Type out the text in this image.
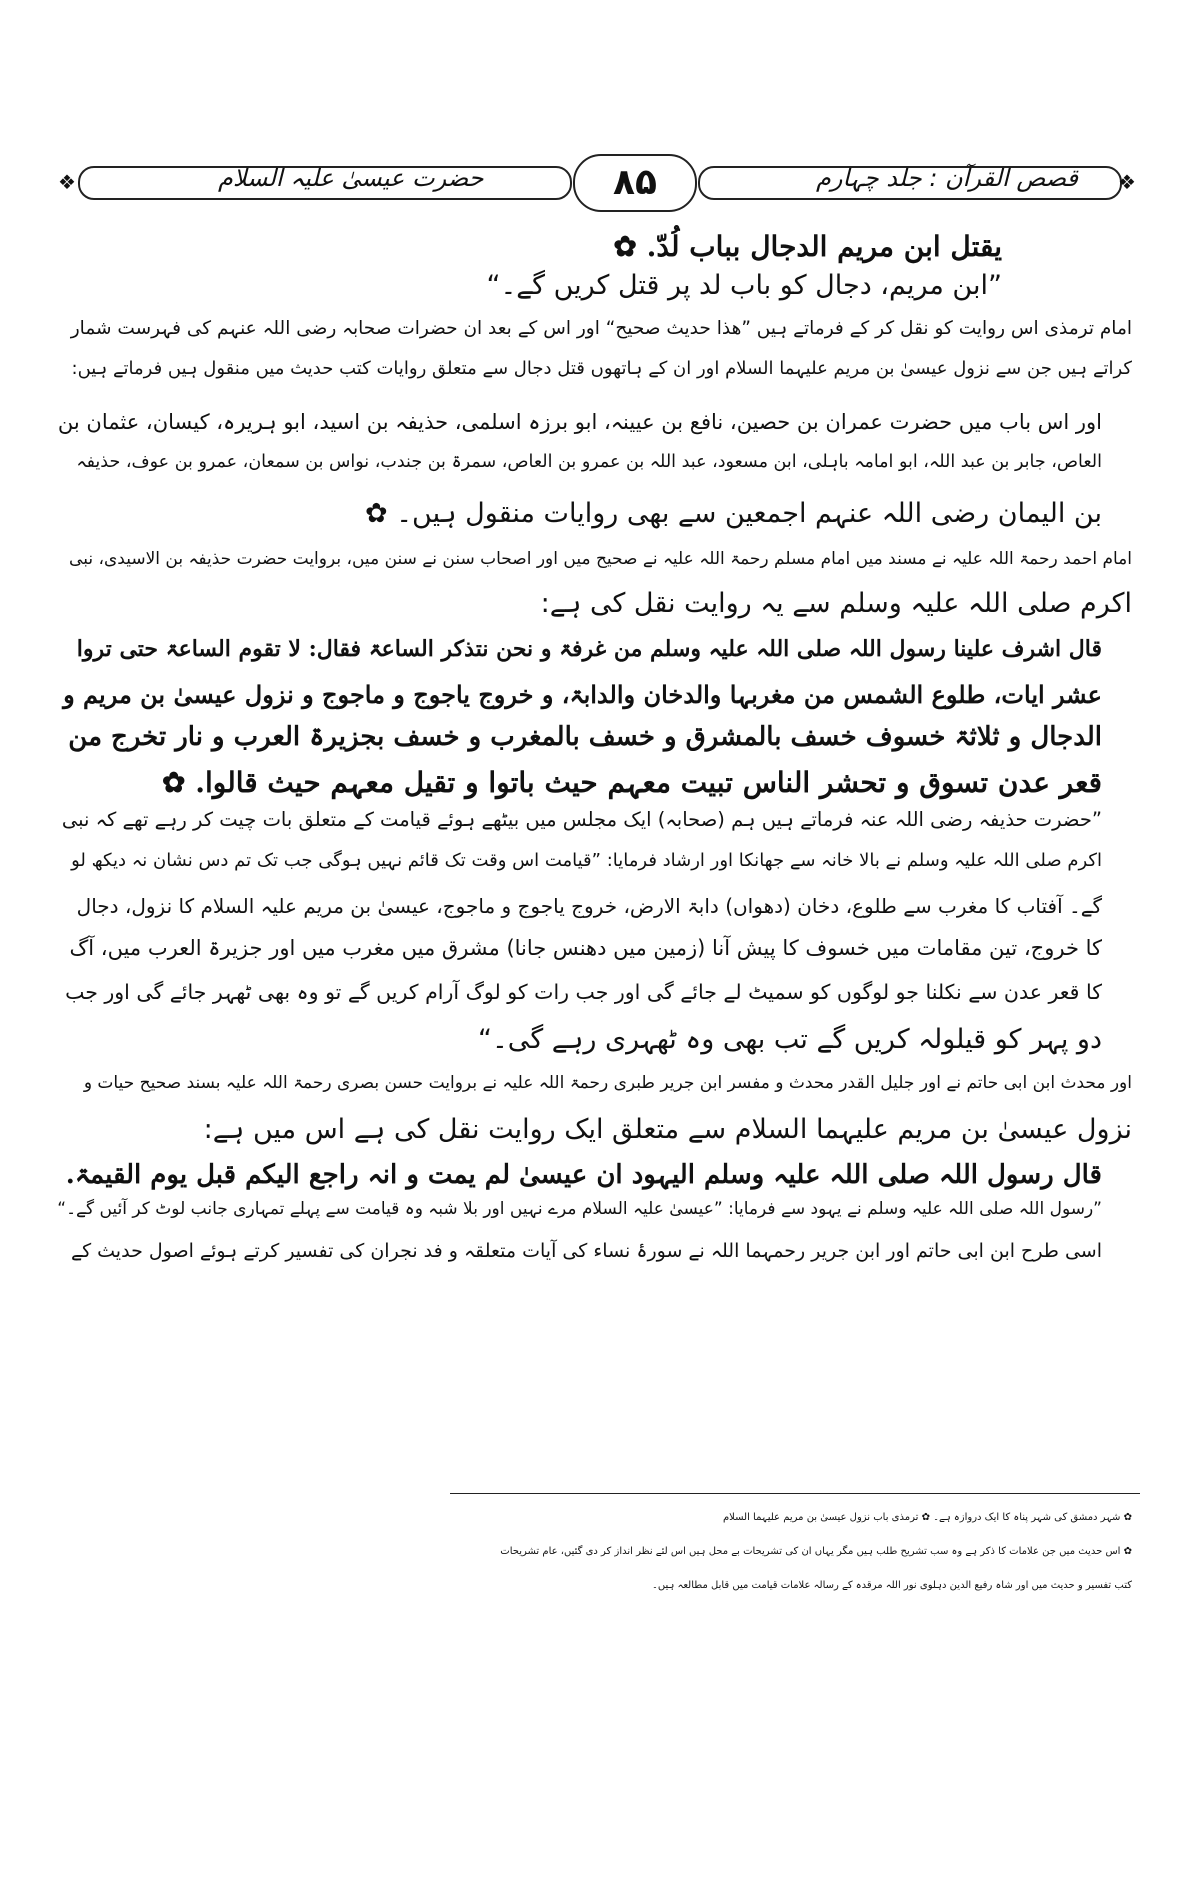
❖	حضرت عیسیٰ علیہ السلام	۸۵	قصص القرآن : جلد چہارم ❖
یقتل ابن مریم الدجال بباب لُدّ. ✿
”ابن مریم، دجال کو باب لد پر قتل کریں گے۔“
امام ترمذی اس روایت کو نقل کر کے فرماتے ہیں ”ھذا حدیث صحیح“ اور اس کے بعد ان حضرات صحابہ رضی اللہ عنہم کی فہرست شمار
کراتے ہیں جن سے نزول عیسیٰ بن مریم علیہما السلام اور ان کے ہاتھوں قتل دجال سے متعلق روایات کتب حدیث میں منقول ہیں فرماتے ہیں:
اور اس باب میں حضرت عمران بن حصین، نافع بن عیینہ، ابو برزہ اسلمی، حذیفہ بن اسید، ابو ہریرہ، کیسان، عثمان بن
العاص، جابر بن عبد اللہ، ابو امامہ باہلی، ابن مسعود، عبد اللہ بن عمرو بن العاص، سمرۃ بن جندب، نواس بن سمعان، عمرو بن عوف، حذیفہ
بن الیمان رضی اللہ عنہم اجمعین سے بھی روایات منقول ہیں۔ ✿
امام احمد رحمۃ اللہ علیہ نے مسند میں امام مسلم رحمۃ اللہ علیہ نے صحیح میں اور اصحاب سنن نے سنن میں، بروایت حضرت حذیفہ بن الاسیدی، نبی
اکرم صلی اللہ علیہ وسلم سے یہ روایت نقل کی ہے:
قال اشرف علینا رسول اللہ صلی اللہ علیہ وسلم من غرفۃ و نحن نتذکر الساعۃ فقال: لا تقوم الساعۃ حتی تروا
عشر ایات، طلوع الشمس من مغربہا والدخان والدابۃ، و خروج یاجوج و ماجوج و نزول عیسیٰ بن مریم و
الدجال و ثلاثۃ خسوف خسف بالمشرق و خسف بالمغرب و خسف بجزیرۃ العرب و نار تخرج من
قعر عدن تسوق و تحشر الناس تبیت معہم حیث باتوا و تقیل معہم حیث قالوا. ✿
”حضرت حذیفہ رضی اللہ عنہ فرماتے ہیں ہم (صحابہ) ایک مجلس میں بیٹھے ہوئے قیامت کے متعلق بات چیت کر رہے تھے کہ نبی
اکرم صلی اللہ علیہ وسلم نے بالا خانہ سے جھانکا اور ارشاد فرمایا: ”قیامت اس وقت تک قائم نہیں ہوگی جب تک تم دس نشان نہ دیکھ لو
گے۔ آفتاب کا مغرب سے طلوع، دخان (دھواں) دابۃ الارض، خروج یاجوج و ماجوج، عیسیٰ بن مریم علیہ السلام کا نزول، دجال
کا خروج، تین مقامات میں خسوف کا پیش آنا (زمین میں دھنس جانا) مشرق میں مغرب میں اور جزیرۃ العرب میں، آگ
کا قعر عدن سے نکلنا جو لوگوں کو سمیٹ لے جائے گی اور جب رات کو لوگ آرام کریں گے تو وہ بھی ٹھہر جائے گی اور جب
دو پہر کو قیلولہ کریں گے تب بھی وہ ٹھہری رہے گی۔“
اور محدث ابن ابی حاتم نے اور جلیل القدر محدث و مفسر ابن جریر طبری رحمۃ اللہ علیہ نے بروایت حسن بصری رحمۃ اللہ علیہ بسند صحیح حیات و
نزول عیسیٰ بن مریم علیہما السلام سے متعلق ایک روایت نقل کی ہے اس میں ہے:
قال رسول اللہ صلی اللہ علیہ وسلم الیہود ان عیسیٰ لم یمت و انہ راجع الیکم قبل یوم القیمۃ.
”رسول اللہ صلی اللہ علیہ وسلم نے یہود سے فرمایا: ”عیسیٰ علیہ السلام مرے نہیں اور بلا شبہ وہ قیامت سے پہلے تمہاری جانب لوٹ کر آئیں گے۔“
اسی طرح ابن ابی حاتم اور ابن جریر رحمہما اللہ نے سورۂ نساء کی آیات متعلقہ و فد نجران کی تفسیر کرتے ہوئے اصول حدیث کے
✿ شہر دمشق کی شہر پناہ کا ایک دروازہ ہے۔ ✿ ترمذی باب نزول عیسیٰ بن مریم علیہما السلام
✿ اس حدیث میں جن علامات کا ذکر ہے وہ سب تشریح طلب ہیں مگر یہاں ان کی تشریحات بے محل ہیں اس لئے نظر انداز کر دی گئیں، عام تشریحات
کتب تفسیر و حدیث میں اور شاہ رفیع الدین دہلوی نور اللہ مرقدہ کے رسالہ علامات قیامت میں قابل مطالعہ ہیں۔
